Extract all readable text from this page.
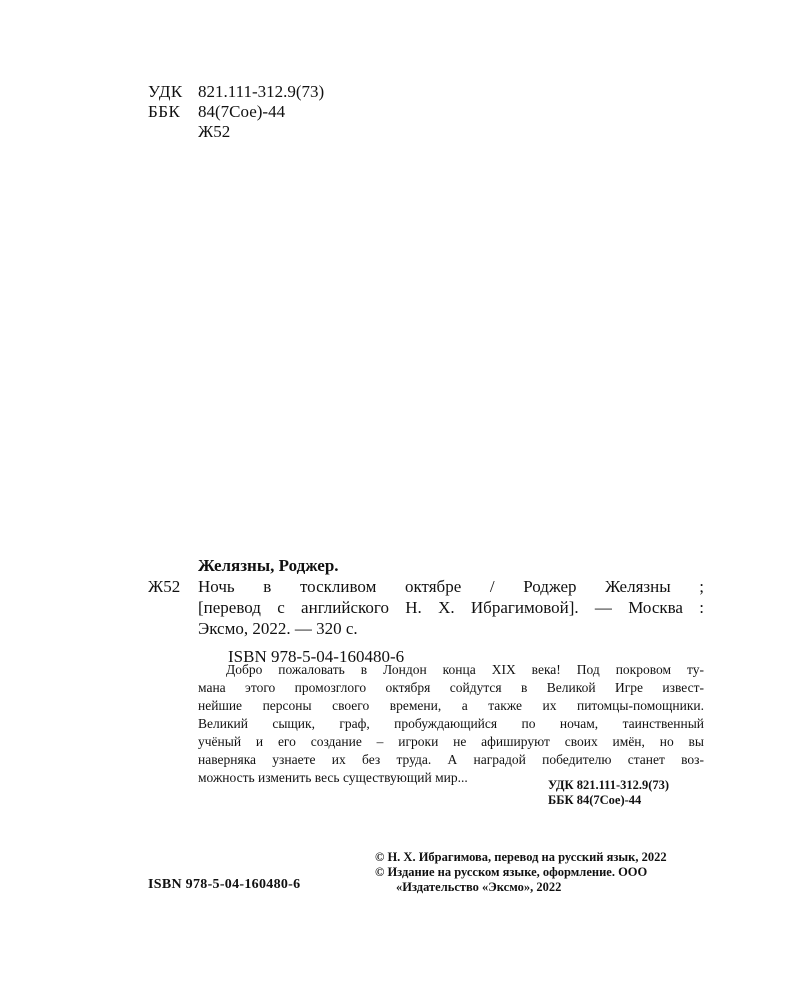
УДК 821.111-312.9(73)
ББК	84(7Сое)-44
Ж52
Желязны, Роджер.
Ж52 Ночь в тоскливом октябре / Роджер Желязны ;
[перевод с английского Н. Х. Ибрагимовой]. — Москва :
Эксмо, 2022. — 320 с.
ISBN 978-5-04-160480-6
Добро пожаловать в Лондон конца XIX века! Под покровом ту-
мана этого промозглого октября сойдутся в Великой Игре извест-
нейшие персоны своего времени, а также их питомцы-помощники.
Великий сыщик, граф, пробуждающийся по ночам, таинственный
учёный и его создание – игроки не афишируют своих имён, но вы
наверняка узнаете их без труда. А наградой победителю станет воз-
можность изменить весь существующий мир...	УДК 821.111-312.9(73)
ББК 84(7Сое)-44
© Н. Х. Ибрагимова, перевод на русский язык, 2022
© Издание на русском языке, оформление. ООО
«Издательство «Эксмо», 2022
ISBN 978-5-04-160480-6
